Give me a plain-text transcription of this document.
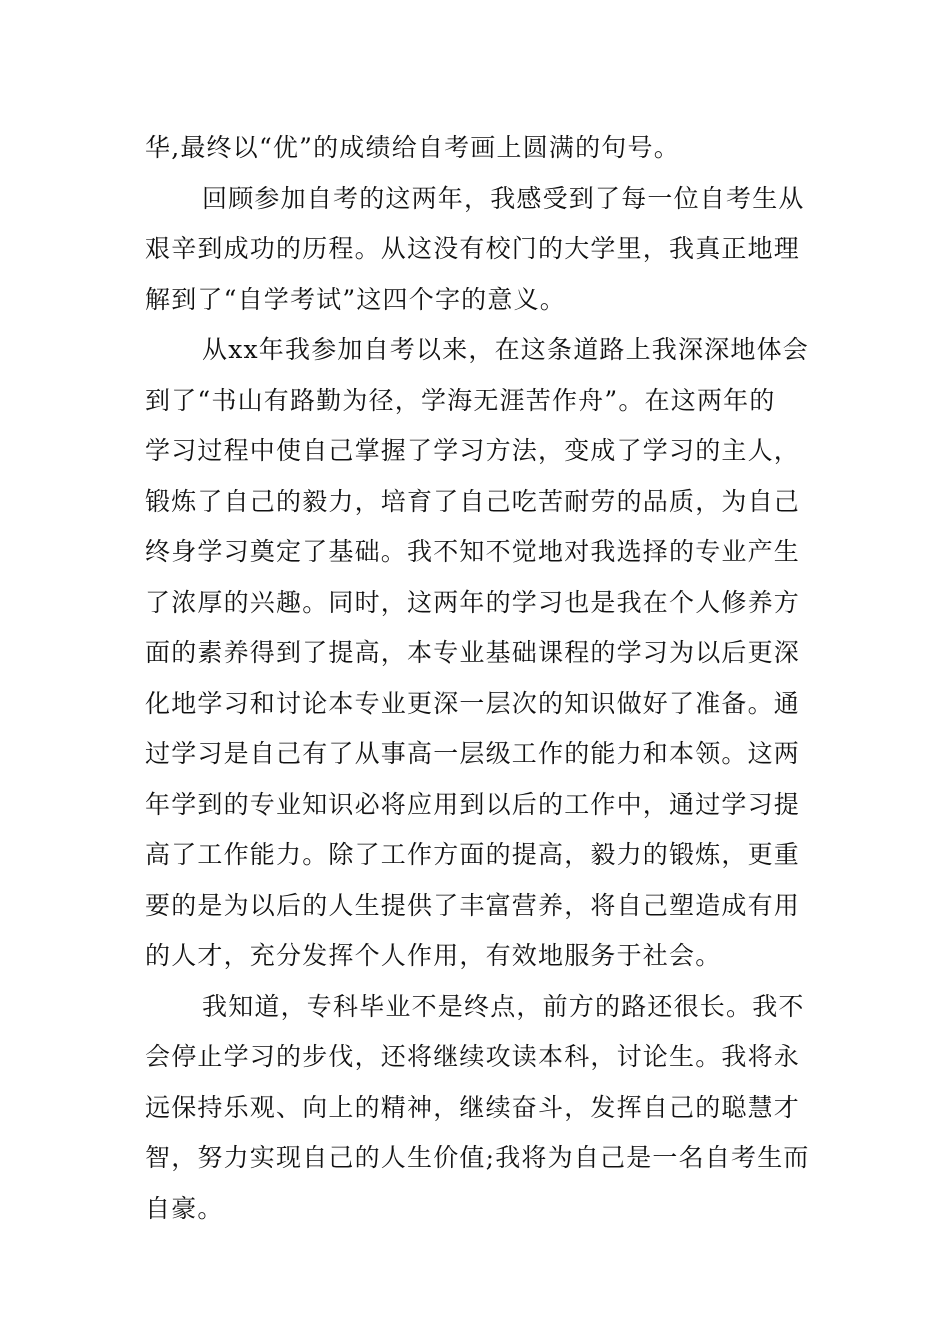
华,最终以“优”的成绩给自考画上圆满的句号。
回顾参加自考的这两年，我感受到了每一位自考生从
艰辛到成功的历程。从这没有校门的大学里，我真正地理
解到了“自学考试”这四个字的意义。
从xx年我参加自考以来，在这条道路上我深深地体会
到了“书山有路勤为径，学海无涯苦作舟”。在这两年的
学习过程中使自己掌握了学习方法，变成了学习的主人，
锻炼了自己的毅力，培育了自己吃苦耐劳的品质，为自己
终身学习奠定了基础。我不知不觉地对我选择的专业产生
了浓厚的兴趣。同时，这两年的学习也是我在个人修养方
面的素养得到了提高，本专业基础课程的学习为以后更深
化地学习和讨论本专业更深一层次的知识做好了准备。通
过学习是自己有了从事高一层级工作的能力和本领。这两
年学到的专业知识必将应用到以后的工作中，通过学习提
高了工作能力。除了工作方面的提高，毅力的锻炼，更重
要的是为以后的人生提供了丰富营养，将自己塑造成有用
的人才，充分发挥个人作用，有效地服务于社会。
我知道，专科毕业不是终点，前方的路还很长。我不
会停止学习的步伐，还将继续攻读本科，讨论生。我将永
远保持乐观、向上的精神，继续奋斗，发挥自己的聪慧才
智，努力实现自己的人生价值;我将为自己是一名自考生而
自豪。
